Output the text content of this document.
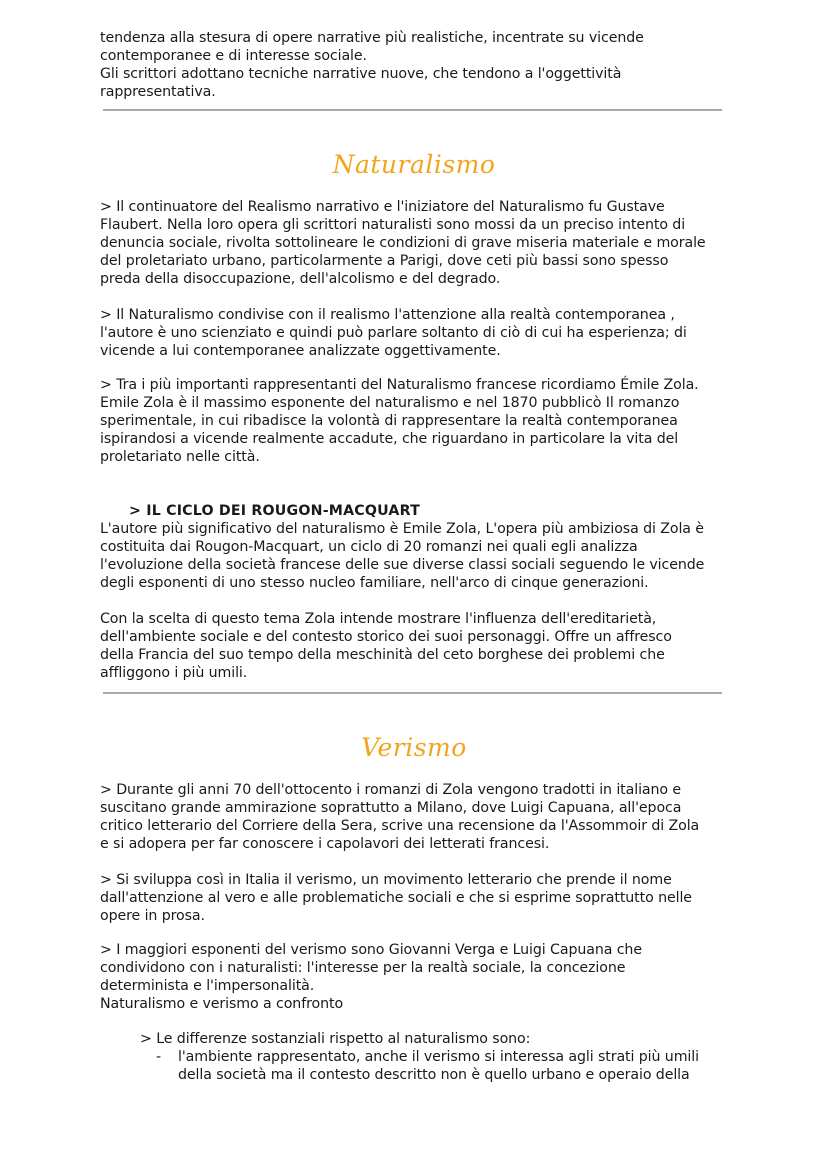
tendenza alla stesura di opere narrative più realistiche, incentrate su vicende
contemporanee e di interesse sociale.
Gli scrittori adottano tecniche narrative nuove, che tendono a l'oggettività
rappresentativa.

Naturalismo

> Il continuatore del Realismo narrativo e l'iniziatore del Naturalismo fu Gustave
Flaubert. Nella loro opera gli scrittori naturalisti sono mossi da un preciso intento di
denuncia sociale, rivolta sottolineare le condizioni di grave miseria materiale e morale
del proletariato urbano, particolarmente a Parigi, dove ceti più bassi sono spesso
preda della disoccupazione, dell'alcolismo e del degrado.

> Il Naturalismo condivise con il realismo l'attenzione alla realtà contemporanea ,
l'autore è uno scienziato e quindi può parlare soltanto di ciò di cui ha esperienza; di
vicende a lui contemporanee analizzate oggettivamente.

> Tra i più importanti rappresentanti del Naturalismo francese ricordiamo Émile Zola.
Emile Zola è il massimo esponente del naturalismo e nel 1870 pubblicò Il romanzo
sperimentale, in cui ribadisce la volontà di rappresentare la realtà contemporanea
ispirandosi a vicende realmente accadute, che riguardano in particolare la vita del
proletariato nelle città.

> IL CICLO DEI ROUGON-MACQUART

L'autore più significativo del naturalismo è Emile Zola, L'opera più ambiziosa di Zola è
costituita dai Rougon-Macquart, un ciclo di 20 romanzi nei quali egli analizza
l'evoluzione della società francese delle sue diverse classi sociali seguendo le vicende
degli esponenti di uno stesso nucleo familiare, nell'arco di cinque generazioni.

Con la scelta di questo tema Zola intende mostrare l'influenza dell'ereditarietà,
dell'ambiente sociale e del contesto storico dei suoi personaggi. Offre un affresco
della Francia del suo tempo della meschinità del ceto borghese dei problemi che
affliggono i più umili.

Verismo

> Durante gli anni 70 dell'ottocento i romanzi di Zola vengono tradotti in italiano e
suscitano grande ammirazione soprattutto a Milano, dove Luigi Capuana, all'epoca
critico letterario del Corriere della Sera, scrive una recensione da l'Assommoir di Zola
e si adopera per far conoscere i capolavori dei letterati francesi.

> Si sviluppa così in Italia il verismo, un movimento letterario che prende il nome
dall'attenzione al vero e alle problematiche sociali e che si esprime soprattutto nelle
opere in prosa.

> I maggiori esponenti del verismo sono Giovanni Verga e Luigi Capuana che
condividono con i naturalisti: l'interesse per la realtà sociale, la concezione
determinista e l'impersonalità.
Naturalismo e verismo a confronto

> Le differenze sostanziali rispetto al naturalismo sono:

-	l'ambiente rappresentato, anche il verismo si interessa agli strati più umili
della società ma il contesto descritto non è quello urbano e operaio della
